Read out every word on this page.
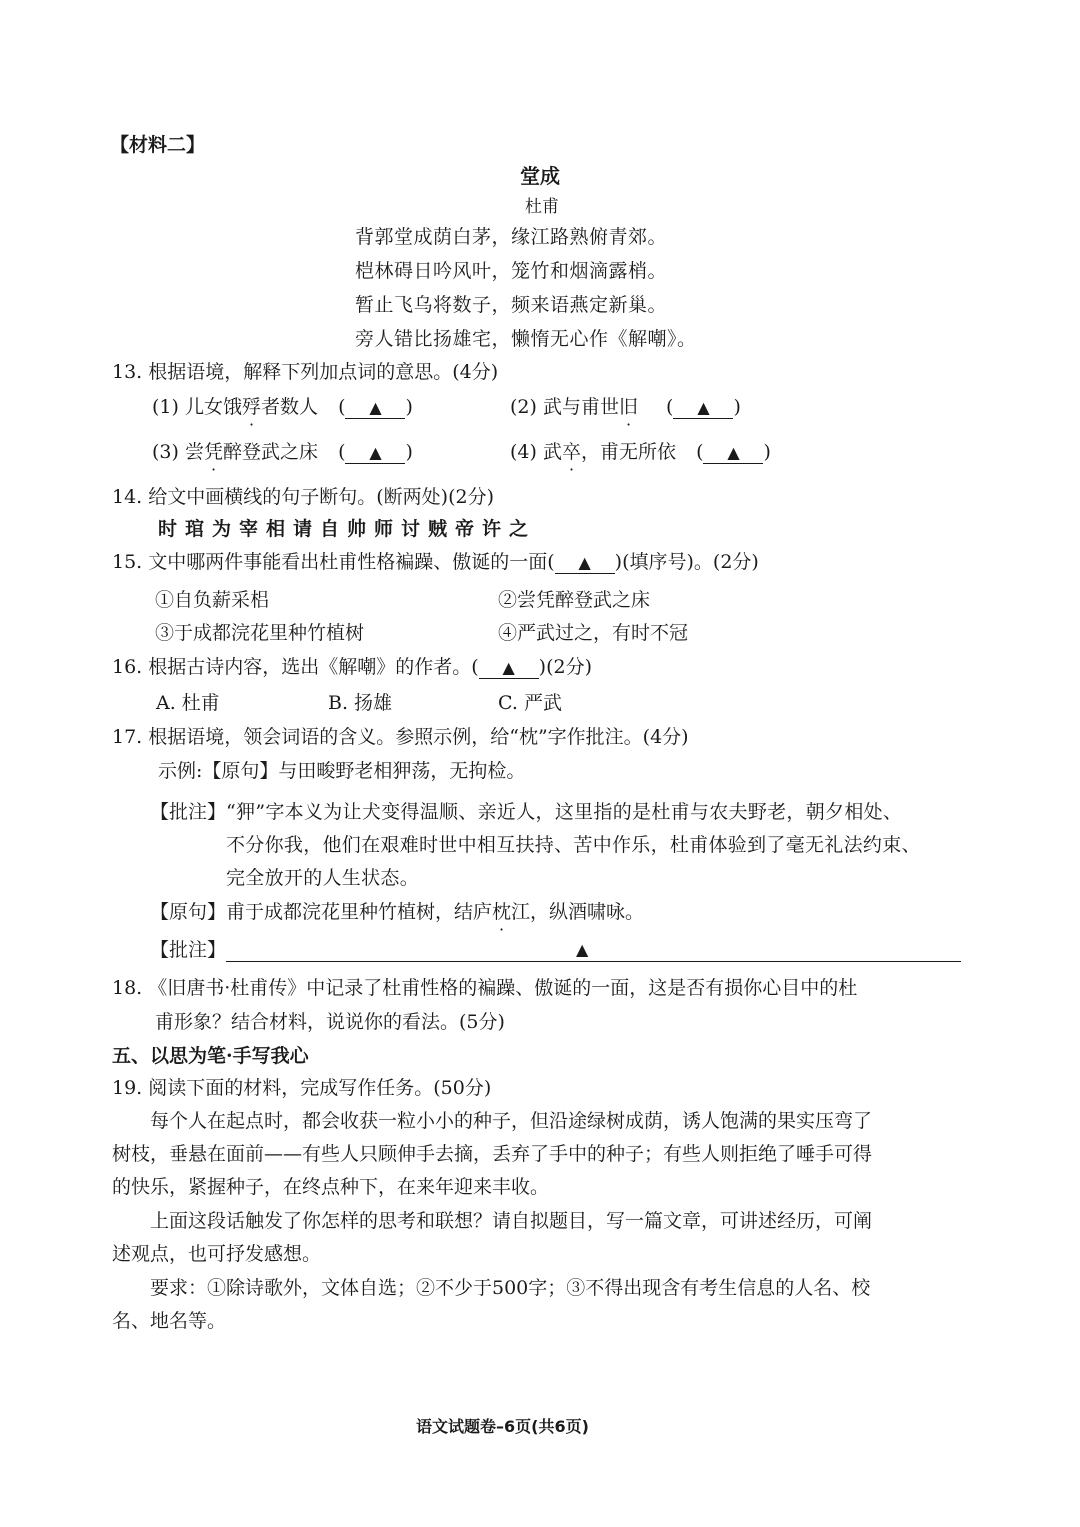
【材料二】
堂成
杜甫
背郭堂成荫白茅，缘江路熟俯青郊。
桤林碍日吟风叶，笼竹和烟滴露梢。
暂止飞乌将数子，频来语燕定新巢。
旁人错比扬雄宅，懒惰无心作《解嘲》。
13. 根据语境，解释下列加点词的意思。(4分)
(1) 儿女饿殍者数人 ( ▲ )	(2) 武与甫世旧 ( ▲ )
(3) 尝凭醉登武之床 ( ▲ )	(4) 武卒，甫无所依 ( ▲ )
14. 给文中画横线的句子断句。(断两处)(2分)
时琯为宰相请自帅师讨贼帝许之
15. 文中哪两件事能看出杜甫性格褊躁、傲诞的一面( ▲ )(填序号)。(2分)
①自负薪采梠	②尝凭醉登武之床
③于成都浣花里种竹植树	④严武过之，有时不冠
16. 根据古诗内容，选出《解嘲》的作者。( ▲ )(2分)
A. 杜甫	B. 扬雄	C. 严武
17. 根据语境，领会词语的含义。参照示例，给“枕”字作批注。(4分)
示例:【原句】与田畯野老相狎荡，无拘检。
【批注】 “狎”字本义为让犬变得温顺、亲近人，这里指的是杜甫与农夫野老，朝夕相处、
不分你我，他们在艰难时世中相互扶持、苦中作乐，杜甫体验到了毫无礼法约束、
完全放开的人生状态。
【原句】甫于成都浣花里种竹植树，结庐枕江，纵酒啸咏。
【批注】	▲
18. 《旧唐书·杜甫传》中记录了杜甫性格的褊躁、傲诞的一面，这是否有损你心目中的杜
甫形象？结合材料，说说你的看法。(5分)
五、以思为笔·手写我心
19. 阅读下面的材料，完成写作任务。(50分)
每个人在起点时，都会收获一粒小小的种子，但沿途绿树成荫，诱人饱满的果实压弯了
树枝，垂悬在面前——有些人只顾伸手去摘，丢弃了手中的种子；有些人则拒绝了唾手可得
的快乐，紧握种子，在终点种下，在来年迎来丰收。
上面这段话触发了你怎样的思考和联想？请自拟题目，写一篇文章，可讲述经历，可阐
述观点，也可抒发感想。
要求：①除诗歌外，文体自选；②不少于500字；③不得出现含有考生信息的人名、校
名、地名等。
语文试题卷–6页(共6页)
